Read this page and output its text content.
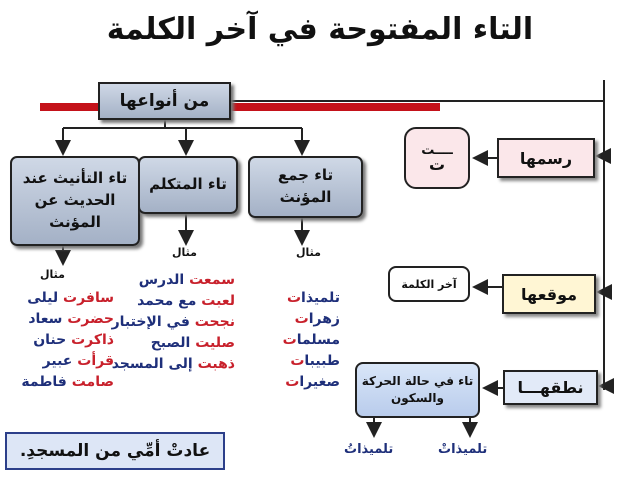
التاء المفتوحة في آخر الكلمة
من أنواعها
تاء التأنيث عند الحديث عن المؤنث
تاء المتكلم	تاء جمع المؤنث
مثال
مثال	مثال
سافرت ليلى
حضرت سعاد
ذاكرت حنان
قرأت عبير
صامت فاطمة
سمعت الدرس
لعبت مع محمد
نجحت في الإختبار
صليت الصبح
ذهبت إلى المسجد
تلميذات
زهرات
مسلمات
طبيبات
صغيرات
رسمها
موقعها
نطقهـــا
ــــت
ت
آخر الكلمة
تاء في حالة الحركة والسكون
تلميذاتْ
تلميذاتُ
عادتْ أمِّي من المسجدِ.
